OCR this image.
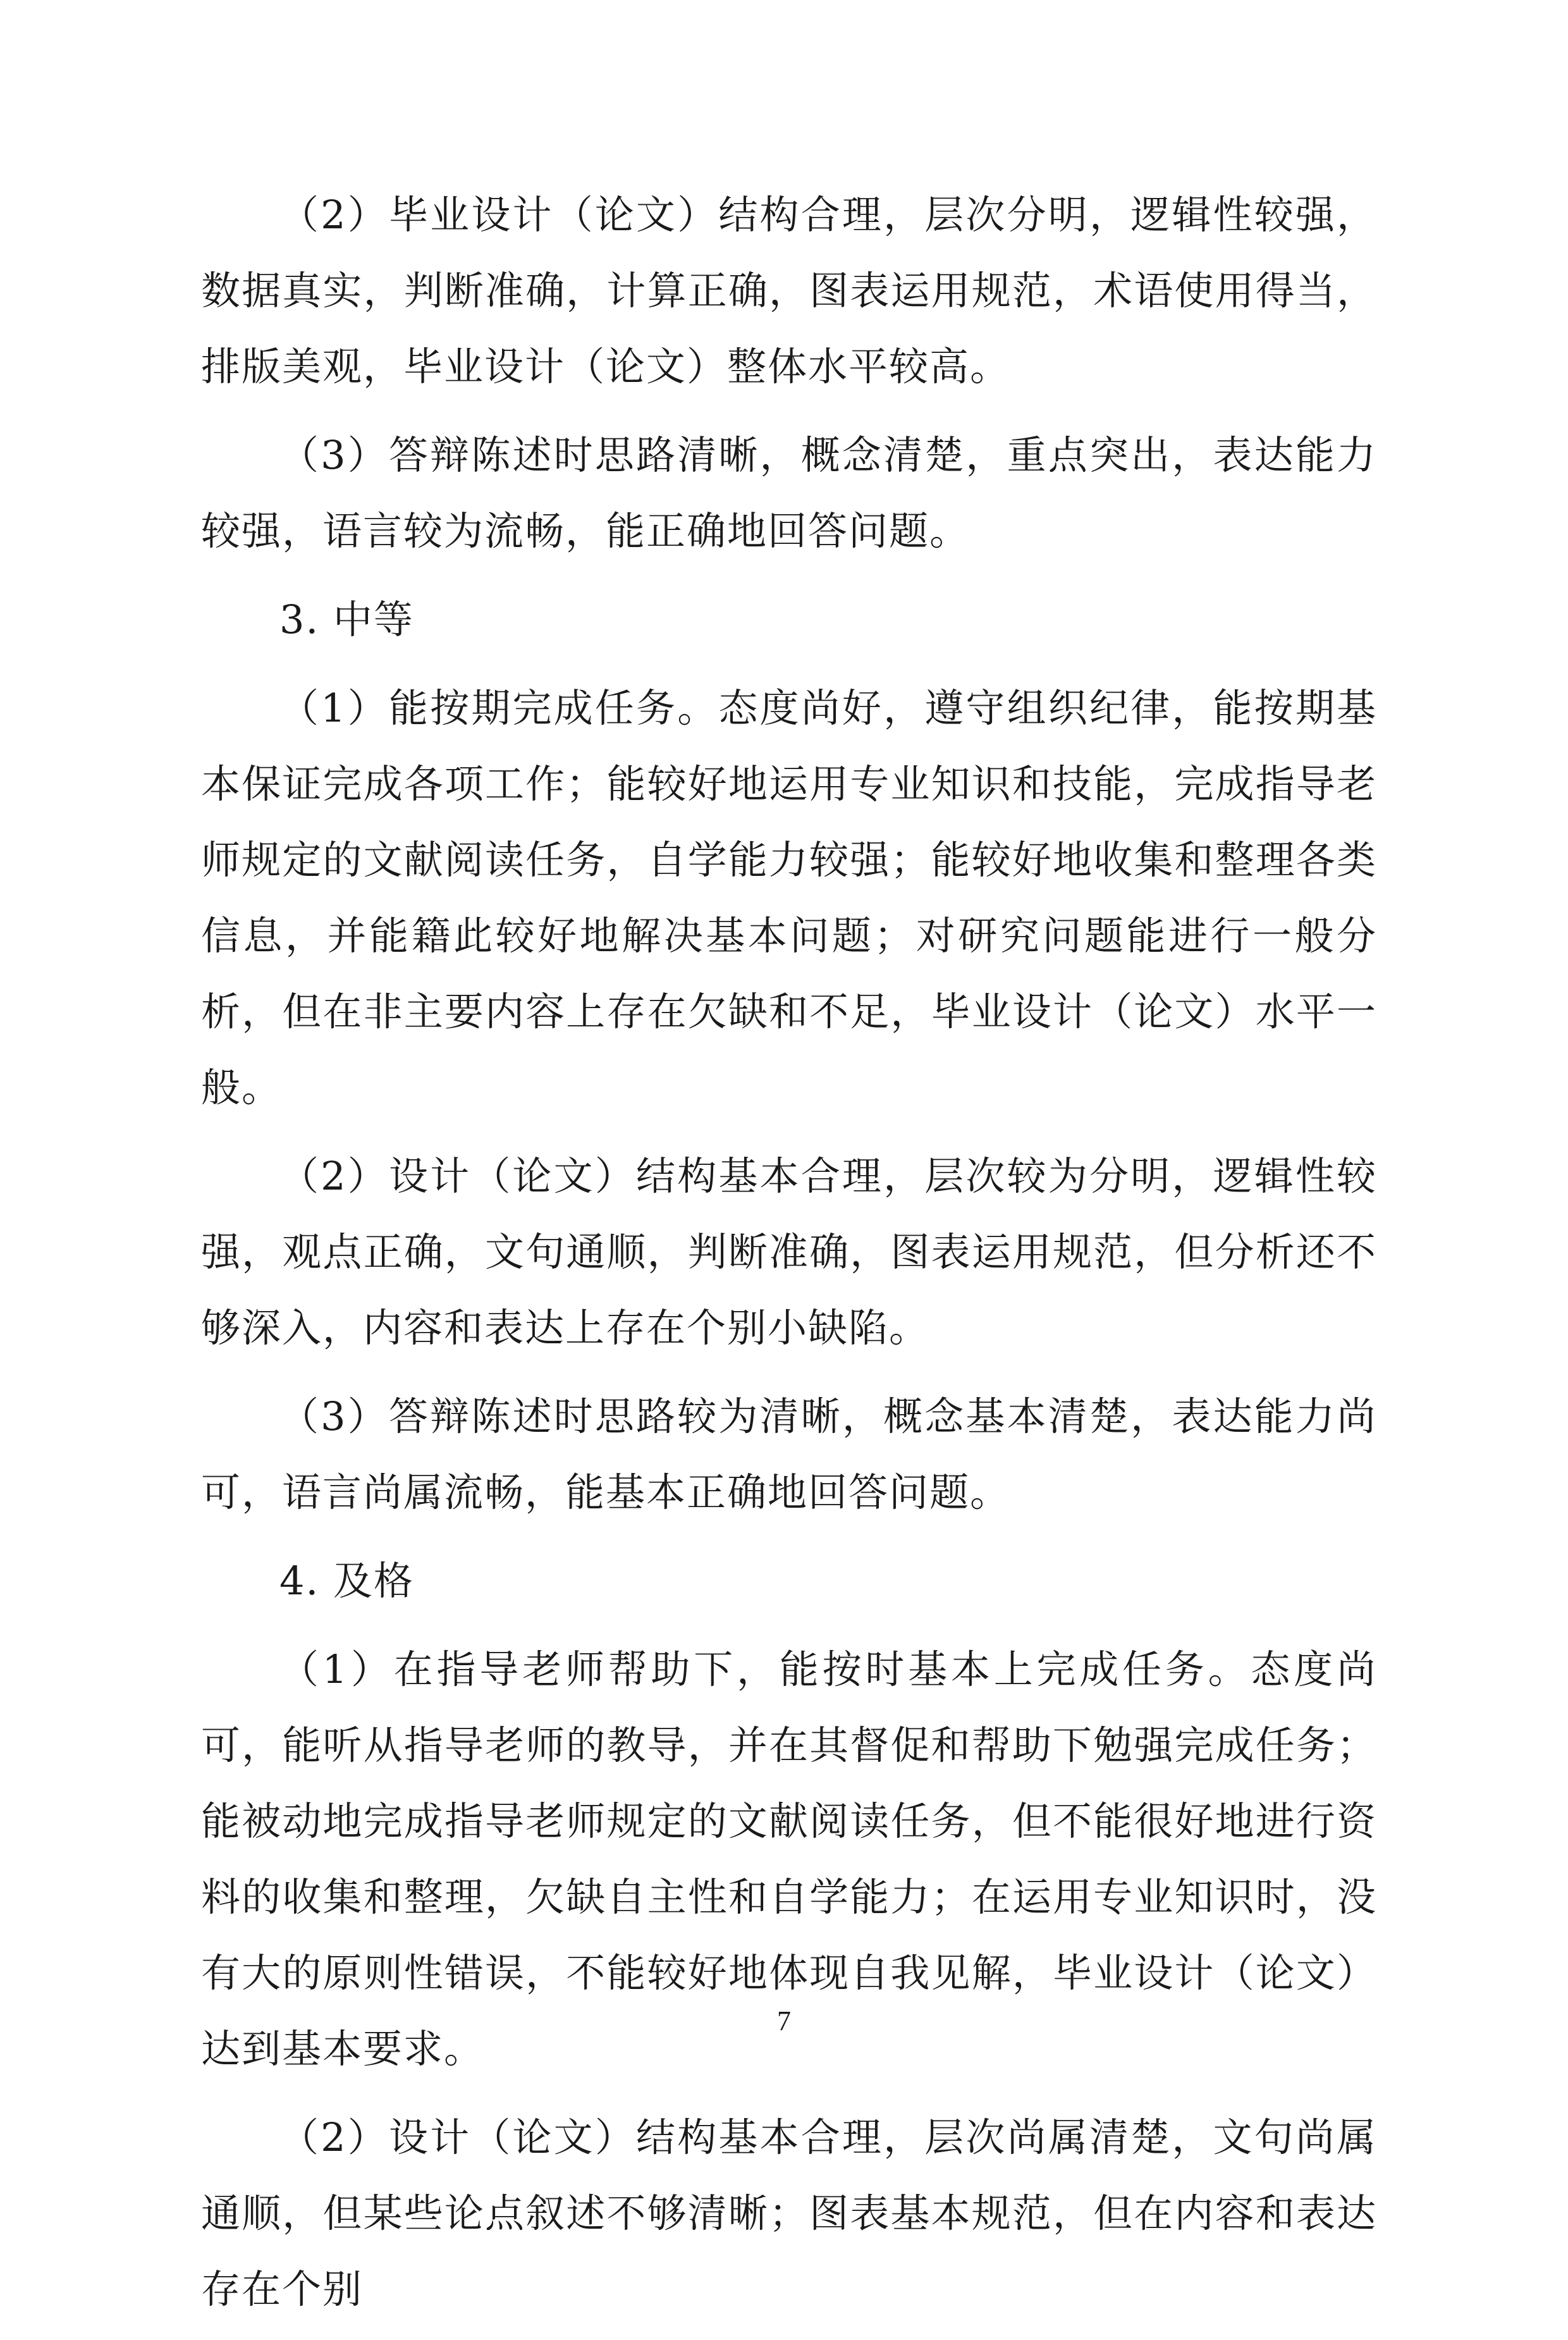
（2）毕业设计（论文）结构合理，层次分明，逻辑性较强，数据真实，判断准确，计算正确，图表运用规范，术语使用得当，排版美观，毕业设计（论文）整体水平较高。

（3）答辩陈述时思路清晰，概念清楚，重点突出，表达能力较强，语言较为流畅，能正确地回答问题。

3. 中等

（1）能按期完成任务。态度尚好，遵守组织纪律，能按期基本保证完成各项工作；能较好地运用专业知识和技能，完成指导老师规定的文献阅读任务，自学能力较强；能较好地收集和整理各类信息，并能籍此较好地解决基本问题；对研究问题能进行一般分析，但在非主要内容上存在欠缺和不足，毕业设计（论文）水平一般。

（2）设计（论文）结构基本合理，层次较为分明，逻辑性较强，观点正确，文句通顺，判断准确，图表运用规范，但分析还不够深入，内容和表达上存在个别小缺陷。

（3）答辩陈述时思路较为清晰，概念基本清楚，表达能力尚可，语言尚属流畅，能基本正确地回答问题。

4. 及格

（1）在指导老师帮助下，能按时基本上完成任务。态度尚可，能听从指导老师的教导，并在其督促和帮助下勉强完成任务；能被动地完成指导老师规定的文献阅读任务，但不能很好地进行资料的收集和整理，欠缺自主性和自学能力；在运用专业知识时，没有大的原则性错误，不能较好地体现自我见解，毕业设计（论文）达到基本要求。

（2）设计（论文）结构基本合理，层次尚属清楚，文句尚属通顺，但某些论点叙述不够清晰；图表基本规范，但在内容和表达存在个别

7
